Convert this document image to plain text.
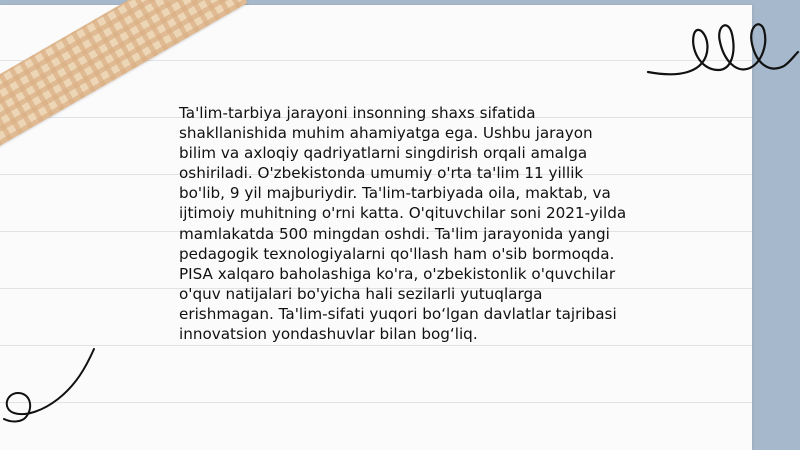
Ta'lim-tarbiya jarayoni insonning shaxs sifatida shakllanishida muhim ahamiyatga ega. Ushbu jarayon bilim va axloqiy qadriyatlarni singdirish orqali amalga oshiriladi. O'zbekistonda umumiy o'rta ta'lim 11 yillik bo'lib, 9 yil majburiydir. Ta'lim-tarbiyada oila, maktab, va ijtimoiy muhitning o'rni katta. O'qituvchilar soni 2021-yilda mamlakatda 500 mingdan oshdi. Ta'lim jarayonida yangi pedagogik texnologiyalarni qo'llash ham o'sib bormoqda. PISA xalqaro baholashiga ko'ra, o'zbekistonlik o'quvchilar o'quv natijalari bo'yicha hali sezilarli yutuqlarga erishmagan. Ta'lim-sifati yuqori bo‘lgan davlatlar tajribasi innovatsion yondashuvlar bilan bog‘liq.
